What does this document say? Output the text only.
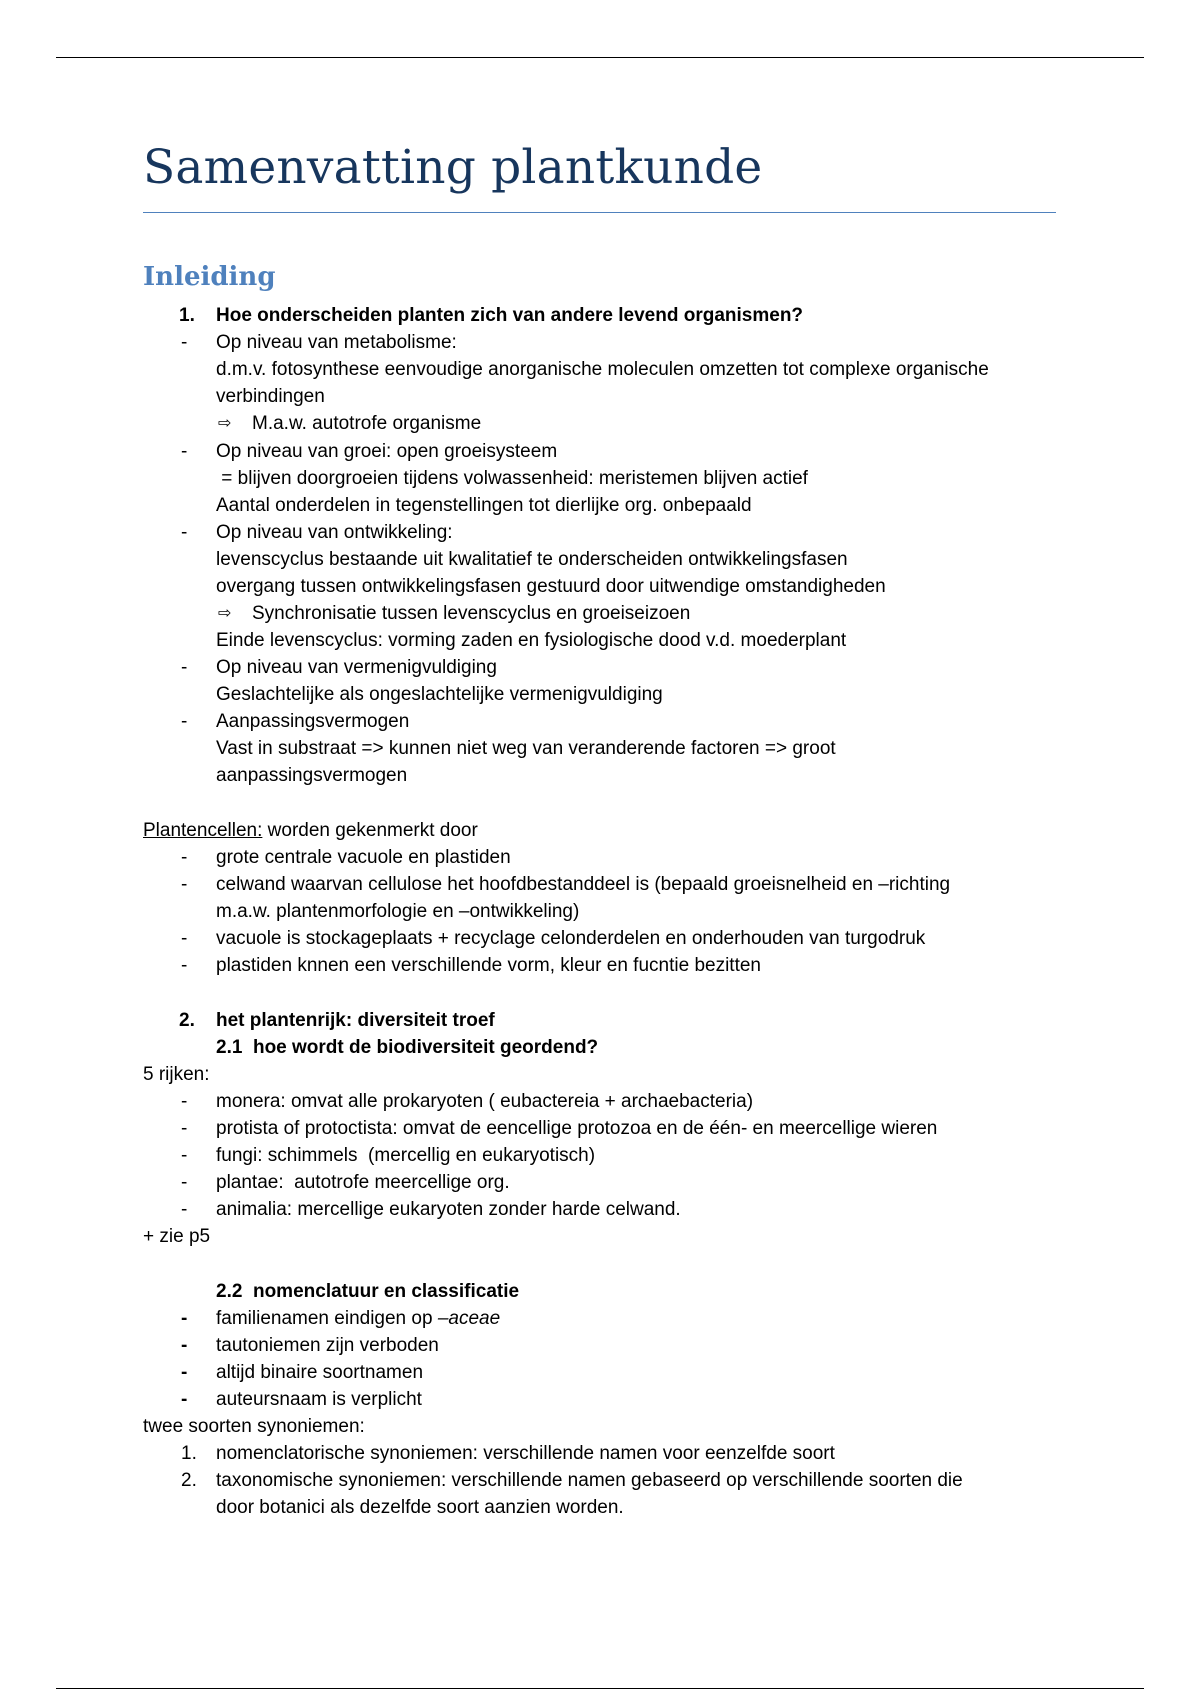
Samenvatting plantkunde
Inleiding
1. Hoe onderscheiden planten zich van andere levend organismen?
- Op niveau van metabolisme:
d.m.v. fotosynthese eenvoudige anorganische moleculen omzetten tot complexe organische
verbindingen
⇨ M.a.w. autotrofe organisme
- Op niveau van groei: open groeisysteem
= blijven doorgroeien tijdens volwassenheid: meristemen blijven actief
Aantal onderdelen in tegenstellingen tot dierlijke org. onbepaald
- Op niveau van ontwikkeling:
levenscyclus bestaande uit kwalitatief te onderscheiden ontwikkelingsfasen
overgang tussen ontwikkelingsfasen gestuurd door uitwendige omstandigheden
⇨ Synchronisatie tussen levenscyclus en groeiseizoen
Einde levenscyclus: vorming zaden en fysiologische dood v.d. moederplant
- Op niveau van vermenigvuldiging
Geslachtelijke als ongeslachtelijke vermenigvuldiging
- Aanpassingsvermogen
Vast in substraat => kunnen niet weg van veranderende factoren => groot
aanpassingsvermogen
Plantencellen: worden gekenmerkt door
- grote centrale vacuole en plastiden
- celwand waarvan cellulose het hoofdbestanddeel is (bepaald groeisnelheid en –richting
m.a.w. plantenmorfologie en –ontwikkeling)
- vacuole is stockageplaats + recyclage celonderdelen en onderhouden van turgodruk
- plastiden knnen een verschillende vorm, kleur en fucntie bezitten
2. het plantenrijk: diversiteit troef
2.1  hoe wordt de biodiversiteit geordend?
5 rijken:
- monera: omvat alle prokaryoten ( eubactereia + archaebacteria)
- protista of protoctista: omvat de eencellige protozoa en de één- en meercellige wieren
- fungi: schimmels  (mercellig en eukaryotisch)
- plantae:  autotrofe meercellige org.
- animalia: mercellige eukaryoten zonder harde celwand.
+ zie p5
2.2  nomenclatuur en classificatie
- familienamen eindigen op –aceae
- tautoniemen zijn verboden
- altijd binaire soortnamen
- auteursnaam is verplicht
twee soorten synoniemen:
1. nomenclatorische synoniemen: verschillende namen voor eenzelfde soort
2. taxonomische synoniemen: verschillende namen gebaseerd op verschillende soorten die
door botanici als dezelfde soort aanzien worden.
